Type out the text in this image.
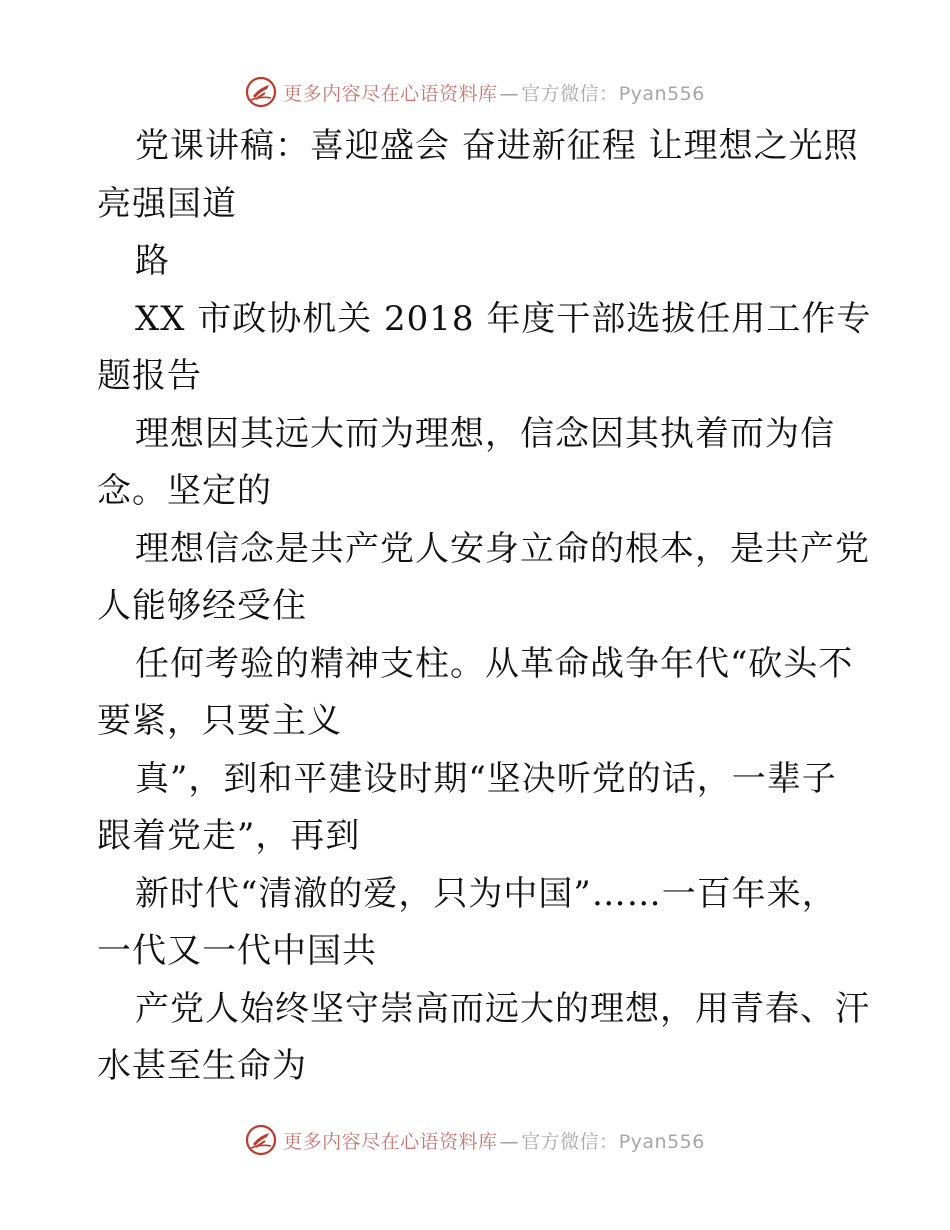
更多内容尽在心语资料库 — 官方微信：Pyan556
党课讲稿：喜迎盛会 奋进新征程 让理想之光照
亮强国道
路
XX 市政协机关 2018 年度干部选拔任用工作专
题报告
理想因其远大而为理想，信念因其执着而为信
念。坚定的
理想信念是共产党人安身立命的根本，是共产党
人能够经受住
任何考验的精神支柱。从革命战争年代“砍头不
要紧，只要主义
真”，到和平建设时期“坚决听党的话，一辈子
跟着党走”，再到
新时代“清澈的爱，只为中国”……一百年来，
一代又一代中国共
产党人始终坚守崇高而远大的理想，用青春、汗
水甚至生命为
更多内容尽在心语资料库 — 官方微信：Pyan556
